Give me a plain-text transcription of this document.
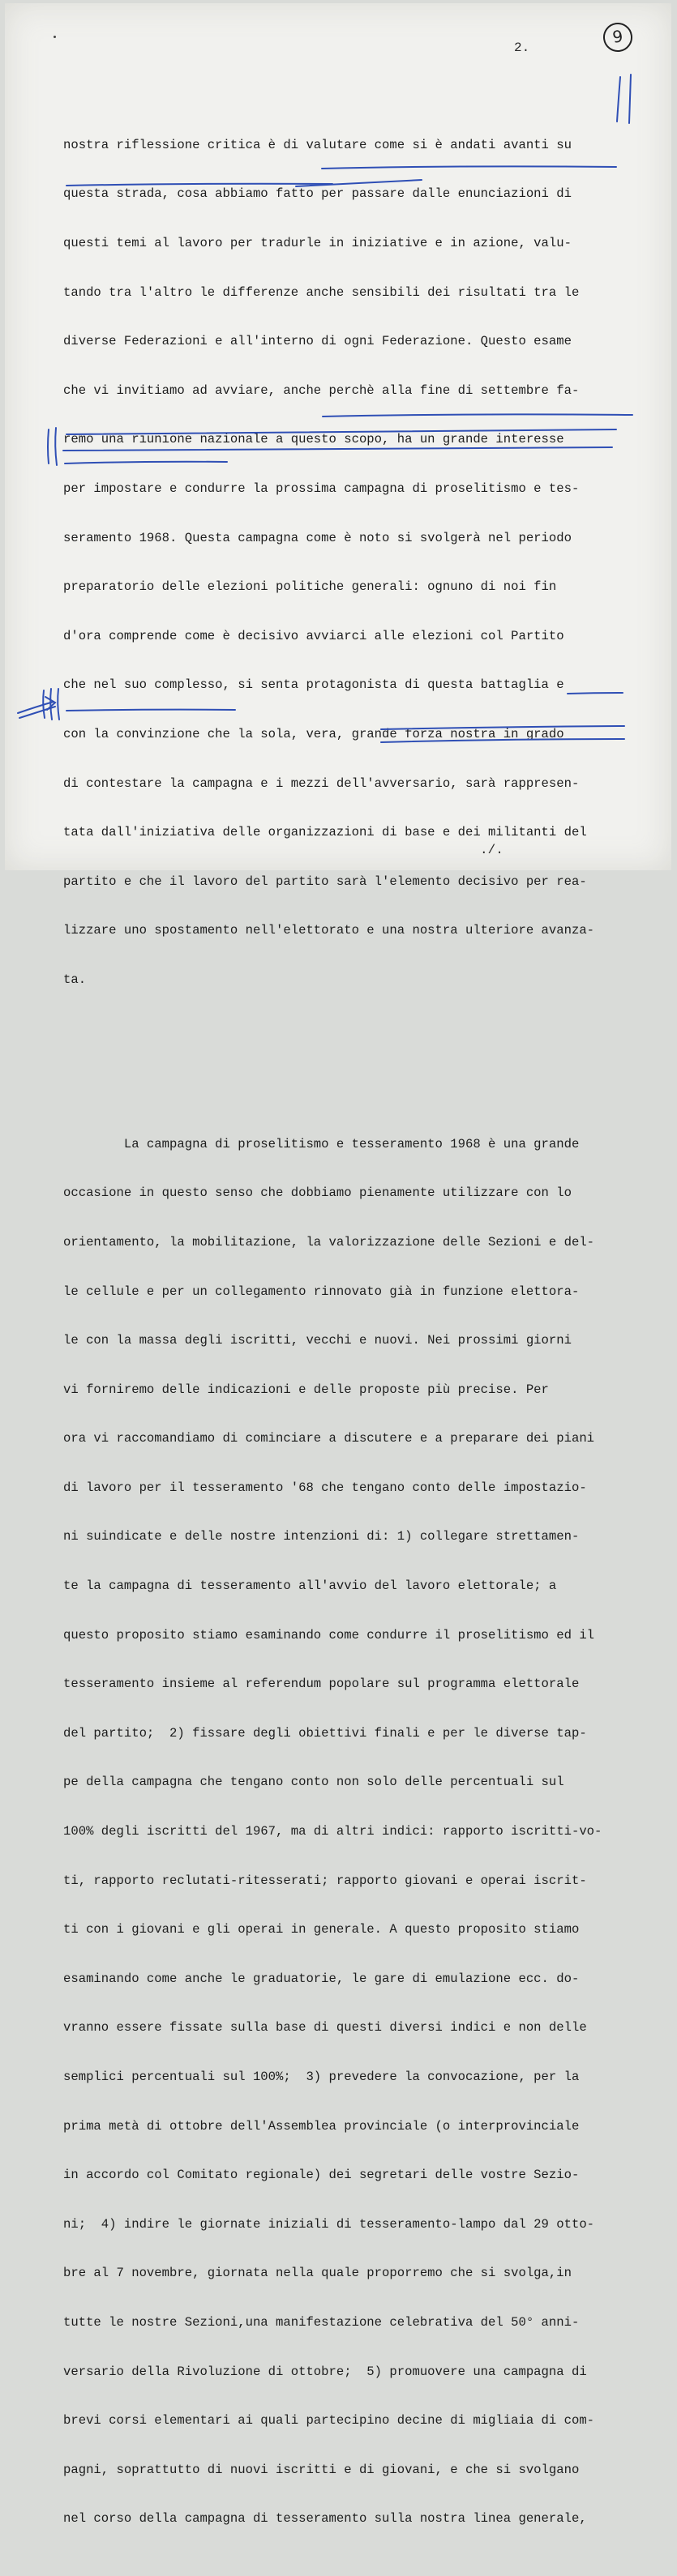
2.
9

nostra riflessione critica è di valutare come si è andati avanti su

questa strada, cosa abbiamo fatto per passare dalle enunciazioni di

questi temi al lavoro per tradurle in iniziative e in azione, valu-

tando tra l'altro le differenze anche sensibili dei risultati tra le

diverse Federazioni e all'interno di ogni Federazione. Questo esame

che vi invitiamo ad avviare, anche perchè alla fine di settembre fa-

remo una riunione nazionale a questo scopo, ha un grande interesse

per impostare e condurre la prossima campagna di proselitismo e tes-

seramento 1968. Questa campagna come è noto si svolgerà nel periodo

preparatorio delle elezioni politiche generali: ognuno di noi fin

d'ora comprende come è decisivo avviarci alle elezioni col Partito

che nel suo complesso, si senta protagonista di questa battaglia e

con la convinzione che la sola, vera, grande forza nostra in grado

di contestare la campagna e i mezzi dell'avversario, sarà rappresen-

tata dall'iniziativa delle organizzazioni di base e dei militanti del

partito e che il lavoro del partito sarà l'elemento decisivo per rea-

lizzare uno spostamento nell'elettorato e una nostra ulteriore avanza-

ta.

La campagna di proselitismo e tesseramento 1968 è una grande

occasione in questo senso che dobbiamo pienamente utilizzare con lo

orientamento, la mobilitazione, la valorizzazione delle Sezioni e del-

le cellule e per un collegamento rinnovato già in funzione elettora-

le con la massa degli iscritti, vecchi e nuovi. Nei prossimi giorni

vi forniremo delle indicazioni e delle proposte più precise. Per

ora vi raccomandiamo di cominciare a discutere e a preparare dei piani

di lavoro per il tesseramento '68 che tengano conto delle impostazio-

ni suindicate e delle nostre intenzioni di: 1) collegare strettamen-

te la campagna di tesseramento all'avvio del lavoro elettorale; a

questo proposito stiamo esaminando come condurre il proselitismo ed il

tesseramento insieme al referendum popolare sul programma elettorale

del partito;  2) fissare degli obiettivi finali e per le diverse tap-

pe della campagna che tengano conto non solo delle percentuali sul

100% degli iscritti del 1967, ma di altri indici: rapporto iscritti-vo-

ti, rapporto reclutati-ritesserati; rapporto giovani e operai iscrit-

ti con i giovani e gli operai in generale. A questo proposito stiamo

esaminando come anche le graduatorie, le gare di emulazione ecc. do-

vranno essere fissate sulla base di questi diversi indici e non delle

semplici percentuali sul 100%;  3) prevedere la convocazione, per la

prima metà di ottobre dell'Assemblea provinciale (o interprovinciale

in accordo col Comitato regionale) dei segretari delle vostre Sezio-

ni;  4) indire le giornate iniziali di tesseramento-lampo dal 29 otto-

bre al 7 novembre, giornata nella quale proporremo che si svolga,in

tutte le nostre Sezioni,una manifestazione celebrativa del 50° anni-

versario della Rivoluzione di ottobre;  5) promuovere una campagna di

brevi corsi elementari ai quali partecipino decine di migliaia di com-

pagni, soprattutto di nuovi iscritti e di giovani, e che si svolgano

nel corso della campagna di tesseramento sulla nostra linea generale,

./.
